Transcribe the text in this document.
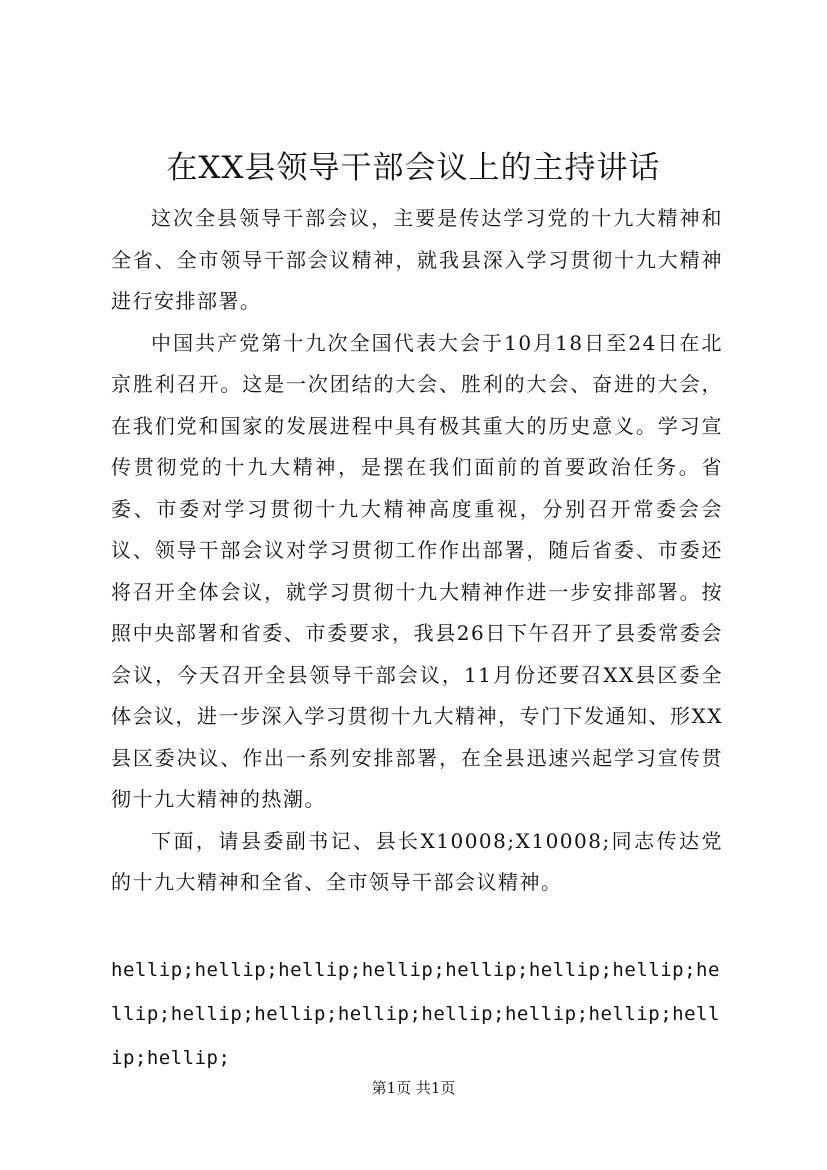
在XX县领导干部会议上的主持讲话

这次全县领导干部会议，主要是传达学习党的十九大精神和全省、全市领导干部会议精神，就我县深入学习贯彻十九大精神进行安排部署。

中国共产党第十九次全国代表大会于10月18日至24日在北京胜利召开。这是一次团结的大会、胜利的大会、奋进的大会，在我们党和国家的发展进程中具有极其重大的历史意义。学习宣传贯彻党的十九大精神，是摆在我们面前的首要政治任务。省委、市委对学习贯彻十九大精神高度重视，分别召开常委会会议、领导干部会议对学习贯彻工作作出部署，随后省委、市委还将召开全体会议，就学习贯彻十九大精神作进一步安排部署。按照中央部署和省委、市委要求，我县26日下午召开了县委常委会会议，今天召开全县领导干部会议，11月份还要召XX县区委全体会议，进一步深入学习贯彻十九大精神，专门下发通知、形XX县区委决议、作出一系列安排部署，在全县迅速兴起学习宣传贯彻十九大精神的热潮。

下面，请县委副书记、县长X10008;X10008;同志传达党的十九大精神和全省、全市领导干部会议精神。

hellip;hellip;hellip;hellip;hellip;hellip;hellip;hellip;hellip;hellip;hellip;hellip;hellip;hellip;hellip;hellip;
第1页 共1页
